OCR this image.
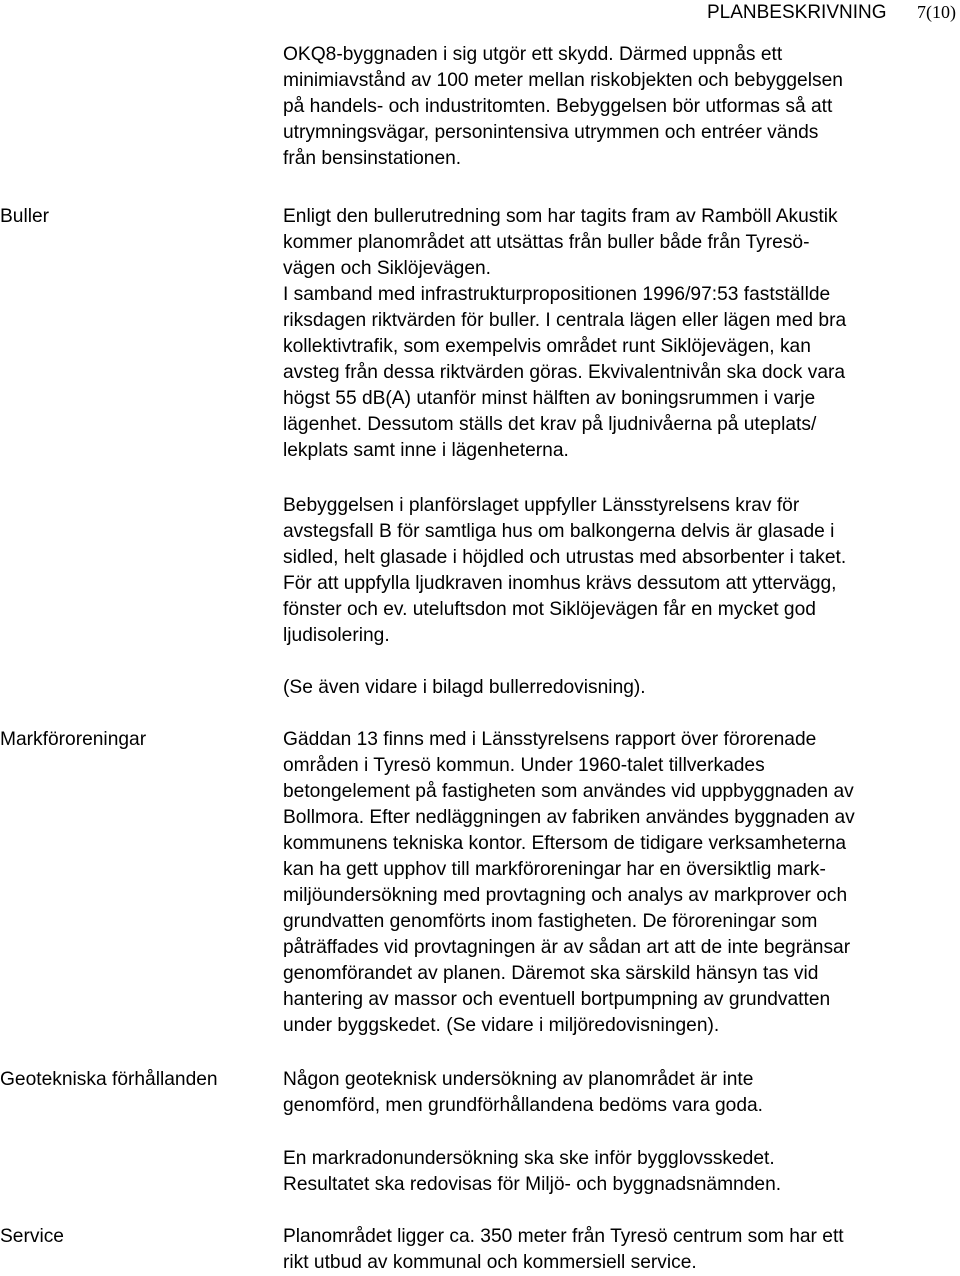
PLANBESKRIVNING 7(10)
OKQ8-byggnaden i sig utgör ett skydd. Därmed uppnås ett
minimiavstånd av 100 meter mellan riskobjekten och bebyggelsen
på handels- och industritomten. Bebyggelsen bör utformas så att
utrymningsvägar, personintensiva utrymmen och entréer vänds
från bensinstationen.
Buller	Enligt den bullerutredning som har tagits fram av Ramböll Akustik
kommer planområdet att utsättas från buller både från Tyresö-
vägen och Siklöjevägen.
I samband med infrastrukturpropositionen 1996/97:53 fastställde
riksdagen riktvärden för buller. I centrala lägen eller lägen med bra
kollektivtrafik, som exempelvis området runt Siklöjevägen, kan
avsteg från dessa riktvärden göras. Ekvivalentnivån ska dock vara
högst 55 dB(A) utanför minst hälften av boningsrummen i varje
lägenhet. Dessutom ställs det krav på ljudnivåerna på uteplats/
lekplats samt inne i lägenheterna.
Bebyggelsen i planförslaget uppfyller Länsstyrelsens krav för
avstegsfall B för samtliga hus om balkongerna delvis är glasade i
sidled, helt glasade i höjdled och utrustas med absorbenter i taket.
För att uppfylla ljudkraven inomhus krävs dessutom att yttervägg,
fönster och ev. uteluftsdon mot Siklöjevägen får en mycket god
ljudisolering.
(Se även vidare i bilagd bullerredovisning).
Markföroreningar	Gäddan 13 finns med i Länsstyrelsens rapport över förorenade
områden i Tyresö kommun. Under 1960-talet tillverkades
betongelement på fastigheten som användes vid uppbyggnaden av
Bollmora. Efter nedläggningen av fabriken användes byggnaden av
kommunens tekniska kontor. Eftersom de tidigare verksamheterna
kan ha gett upphov till markföroreningar har en översiktlig mark-
miljöundersökning med provtagning och analys av markprover och
grundvatten genomförts inom fastigheten. De föroreningar som
påträffades vid provtagningen är av sådan art att de inte begränsar
genomförandet av planen. Däremot ska särskild hänsyn tas vid
hantering av massor och eventuell bortpumpning av grundvatten
under byggskedet. (Se vidare i miljöredovisningen).
Geotekniska förhållanden	Någon geoteknisk undersökning av planområdet är inte
genomförd, men grundförhållandena bedöms vara goda.
En markradonundersökning ska ske inför bygglovsskedet.
Resultatet ska redovisas för Miljö- och byggnadsnämnden.
Service	Planområdet ligger ca. 350 meter från Tyresö centrum som har ett
rikt utbud av kommunal och kommersiell service.
